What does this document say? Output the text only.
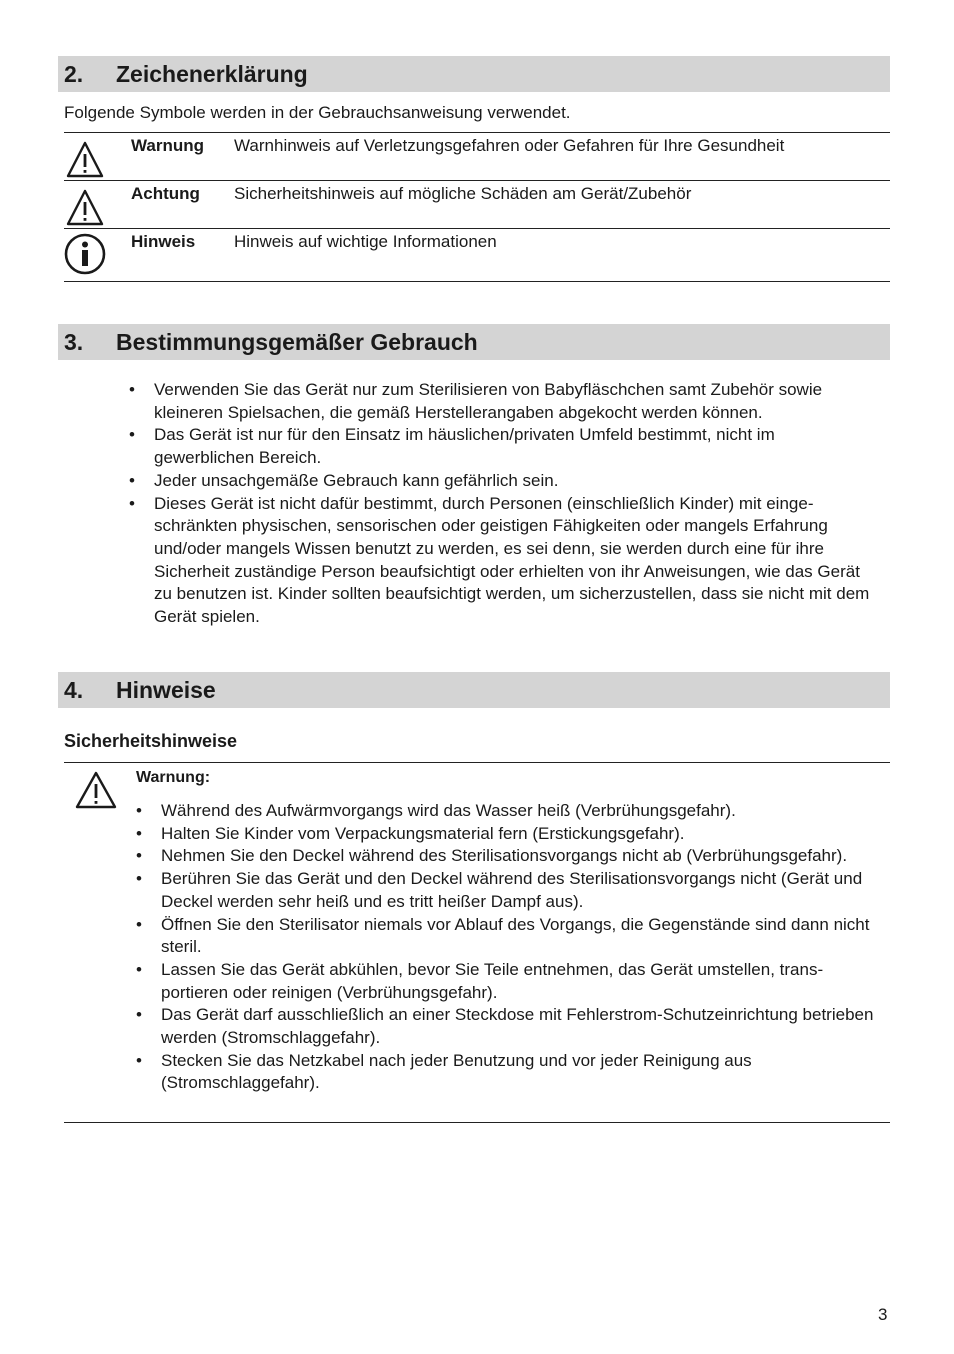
2. Zeichenerklärung
Folgende Symbole werden in der Gebrauchsanweisung verwendet.
Warnung Warnhinweis auf Verletzungsgefahren oder Gefahren für Ihre Gesundheit
Achtung Sicherheitshinweis auf mögliche Schäden am Gerät/Zubehör
Hinweis Hinweis auf wichtige Informationen
3. Bestimmungsgemäßer Gebrauch
• Verwenden Sie das Gerät nur zum Sterilisieren von Babyfläschchen samt Zubehör sowie kleineren Spielsachen, die gemäß Herstellerangaben abgekocht werden können.
• Das Gerät ist nur für den Einsatz im häuslichen/privaten Umfeld bestimmt, nicht im gewerblichen Bereich.
• Jeder unsachgemäße Gebrauch kann gefährlich sein.
• Dieses Gerät ist nicht dafür bestimmt, durch Personen (einschließlich Kinder) mit eingeschränkten physischen, sensorischen oder geistigen Fähigkeiten oder mangels Erfahrung und/oder mangels Wissen benutzt zu werden, es sei denn, sie werden durch eine für ihre Sicherheit zuständige Person beaufsichtigt oder erhielten von ihr Anweisungen, wie das Gerät zu benutzen ist. Kinder sollten beaufsichtigt werden, um sicherzustellen, dass sie nicht mit dem Gerät spielen.
4. Hinweise
Sicherheitshinweise
Warnung:
• Während des Aufwärmvorgangs wird das Wasser heiß (Verbrühungsgefahr).
• Halten Sie Kinder vom Verpackungsmaterial fern (Erstickungsgefahr).
• Nehmen Sie den Deckel während des Sterilisationsvorgangs nicht ab (Verbrühungsgefahr).
• Berühren Sie das Gerät und den Deckel während des Sterilisationsvorgangs nicht (Gerät und Deckel werden sehr heiß und es tritt heißer Dampf aus).
• Öffnen Sie den Sterilisator niemals vor Ablauf des Vorgangs, die Gegenstände sind dann nicht steril.
• Lassen Sie das Gerät abkühlen, bevor Sie Teile entnehmen, das Gerät umstellen, transportieren oder reinigen (Verbrühungsgefahr).
• Das Gerät darf ausschließlich an einer Steckdose mit Fehlerstrom-Schutzeinrichtung betrieben werden (Stromschlaggefahr).
• Stecken Sie das Netzkabel nach jeder Benutzung und vor jeder Reinigung aus (Stromschlaggefahr).
3
